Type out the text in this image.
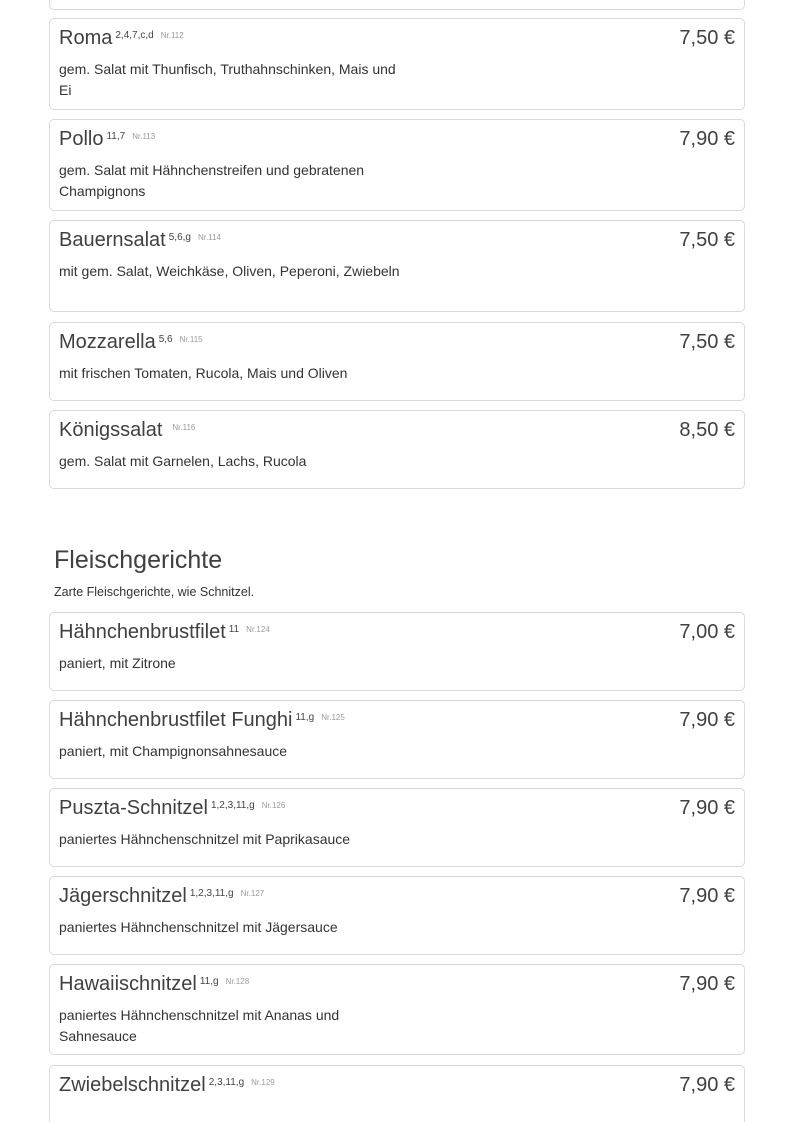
Roma $^{2,4,7,c,d}$ $^{Nr.112}$	7,50 €
gem. Salat mit Thunfisch, Truthahnschinken, Mais und Ei
Pollo $^{11,7}$ $^{Nr.113}$	7,90 €
gem. Salat mit Hähnchenstreifen und gebratenen Champignons
Bauernsalat $^{5,6,g}$ $^{Nr.114}$	7,50 €
mit gem. Salat, Weichkäse, Oliven, Peperoni, Zwiebeln
Mozzarella $^{5,6}$ $^{Nr.115}$	7,50 €
mit frischen Tomaten, Rucola, Mais und Oliven
Königssalat $^{Nr.116}$	8,50 €
gem. Salat mit Garnelen, Lachs, Rucola
Fleischgerichte
Zarte Fleischgerichte, wie Schnitzel.
Hähnchenbrustfilet $^{11}$ $^{Nr.124}$	7,00 €
paniert, mit Zitrone
Hähnchenbrustfilet Funghi $^{11,g}$ $^{Nr.125}$	7,90 €
paniert, mit Champignonsahnesauce
Puszta-Schnitzel $^{1,2,3,11,g}$ $^{Nr.126}$	7,90 €
paniertes Hähnchenschnitzel mit Paprikasauce
Jägerschnitzel $^{1,2,3,11,g}$ $^{Nr.127}$	7,90 €
paniertes Hähnchenschnitzel mit Jägersauce
Hawaiischnitzel $^{11,g}$ $^{Nr.128}$	7,90 €
paniertes Hähnchenschnitzel mit Ananas und Sahnesauce
Zwiebelschnitzel $^{2,3,11,g}$ $^{Nr.129}$	7,90 €
